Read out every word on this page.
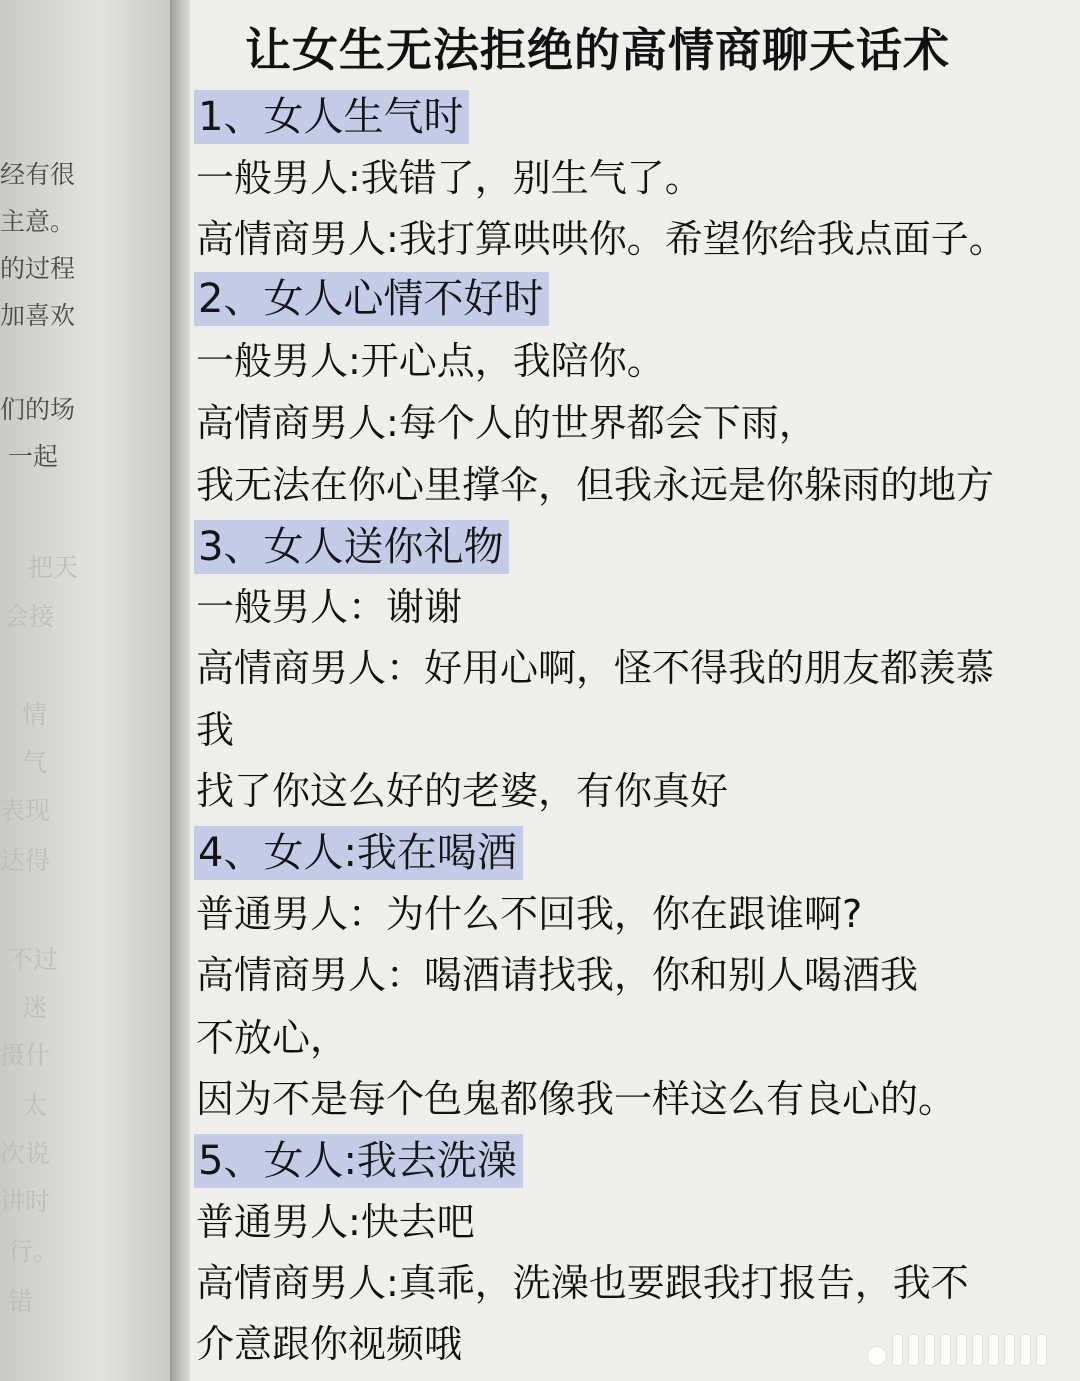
经有很
主意。
的过程
加喜欢
们的场
一起
把天
会接
情
气
表现
达得
不过
迷
摄什
太
次说
讲时
行。
错
让女生无法拒绝的高情商聊天话术
1、女人生气时
一般男人:我错了，别生气了。
高情商男人:我打算哄哄你。希望你给我点面子。
2、女人心情不好时
一般男人:开心点，我陪你。
高情商男人:每个人的世界都会下雨，
我无法在你心里撑伞，但我永远是你躲雨的地方
3、女人送你礼物
一般男人：谢谢
高情商男人：好用心啊，怪不得我的朋友都羡慕
我
找了你这么好的老婆，有你真好
4、女人:我在喝酒
普通男人：为什么不回我，你在跟谁啊?
高情商男人：喝酒请找我，你和别人喝酒我
不放心，
因为不是每个色鬼都像我一样这么有良心的。
5、女人:我去洗澡
普通男人:快去吧
高情商男人:真乖，洗澡也要跟我打报告，我不
介意跟你视频哦
